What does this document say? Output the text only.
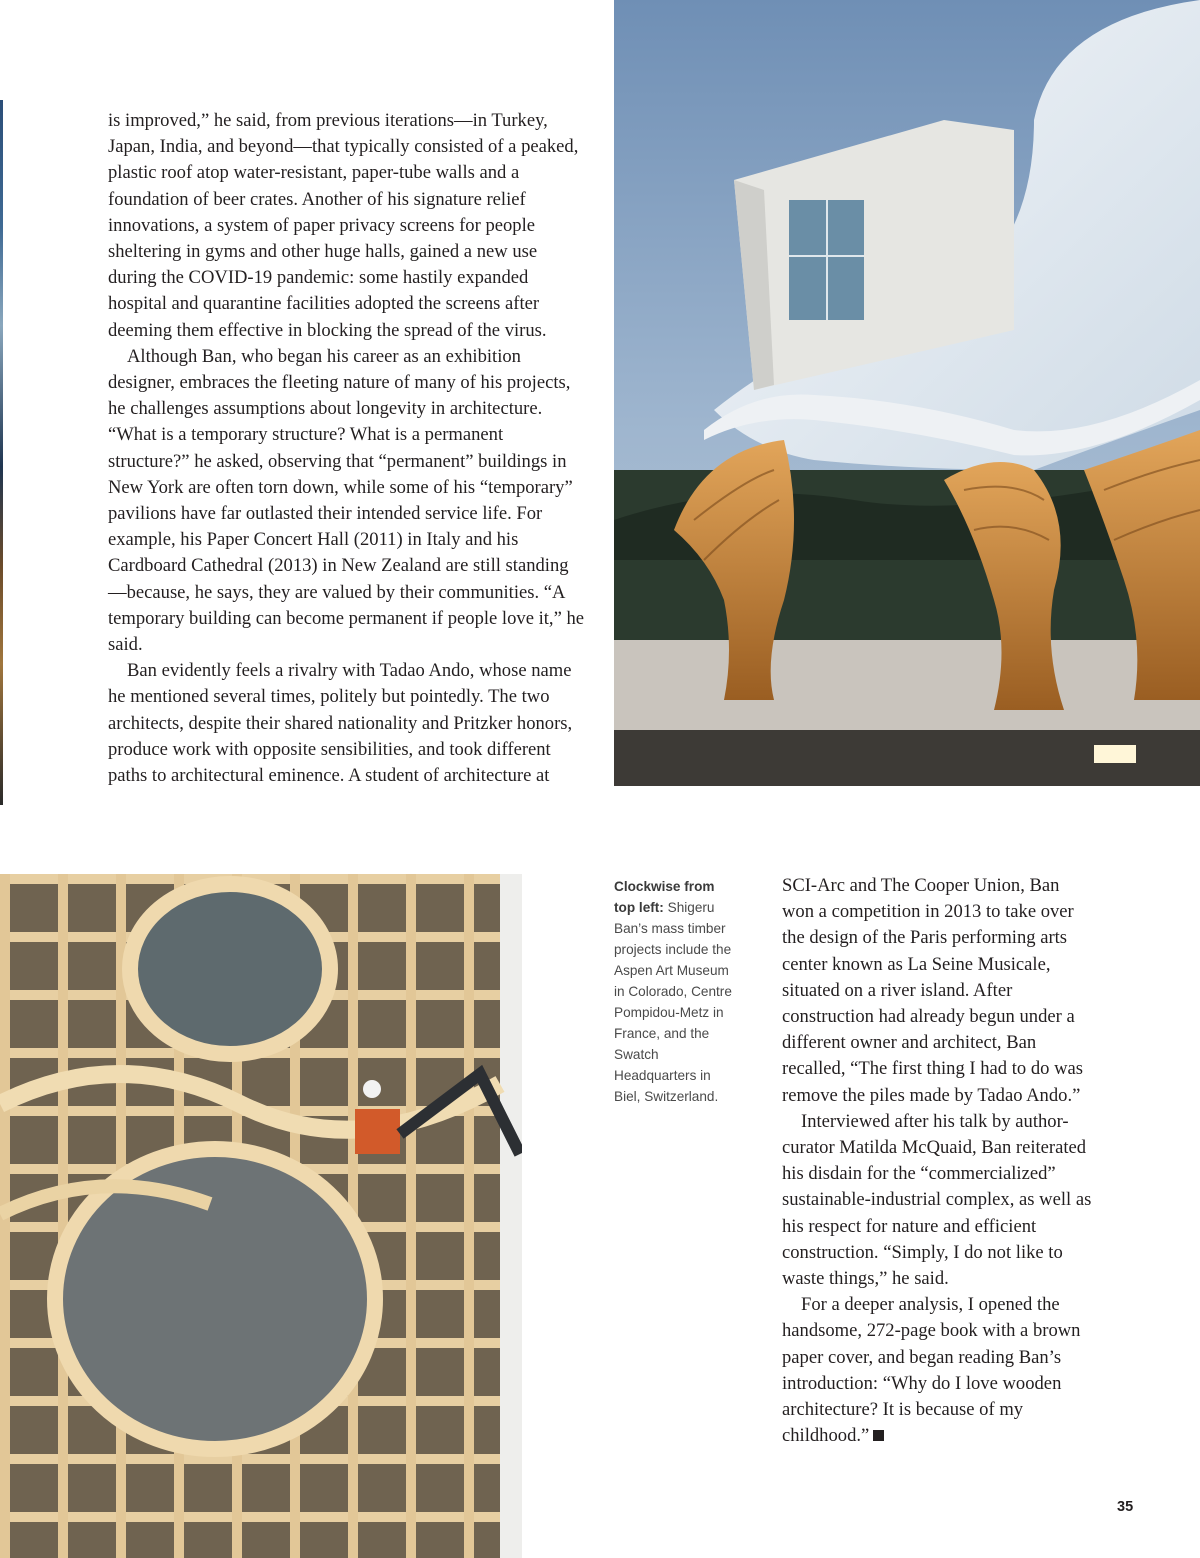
is improved,” he said, from previous iterations—in Turkey, Japan, India, and beyond—that typically consisted of a peaked, plastic roof atop water-resistant, paper-tube walls and a foundation of beer crates. Another of his signature relief innovations, a system of paper privacy screens for people sheltering in gyms and other huge halls, gained a new use during the COVID-19 pandemic: some hastily expanded hospital and quarantine facilities adopted the screens after deeming them effective in blocking the spread of the virus.

Although Ban, who began his career as an exhibition designer, embraces the fleeting nature of many of his projects, he challenges assumptions about longevity in architecture. “What is a temporary structure? What is a permanent structure?” he asked, observing that “permanent” buildings in New York are often torn down, while some of his “temporary” pavilions have far outlasted their intended service life. For example, his Paper Concert Hall (2011) in Italy and his Cardboard Cathedral (2013) in New Zealand are still standing—because, he says, they are valued by their communities. “A temporary building can become permanent if people love it,” he said.

Ban evidently feels a rivalry with Tadao Ando, whose name he mentioned several times, politely but pointedly. The two architects, despite their shared nationality and Pritzker honors, produce work with opposite sensibilities, and took different paths to architectural eminence. A student of architecture at

Clockwise from top left: Shigeru Ban’s mass timber projects include the Aspen Art Museum in Colorado, Centre Pompidou-Metz in France, and the Swatch Headquarters in Biel, Switzerland.

SCI-Arc and The Cooper Union, Ban won a competition in 2013 to take over the design of the Paris performing arts center known as La Seine Musicale, situated on a river island. After construction had already begun under a different owner and architect, Ban recalled, “The first thing I had to do was remove the piles made by Tadao Ando.”

Interviewed after his talk by author-curator Matilda McQuaid, Ban reiterated his disdain for the “commercialized” sustainable-industrial complex, as well as his respect for nature and efficient construction. “Simply, I do not like to waste things,” he said.

For a deeper analysis, I opened the handsome, 272-page book with a brown paper cover, and began reading Ban’s introduction: “Why do I love wooden architecture? It is because of my childhood.”

35
